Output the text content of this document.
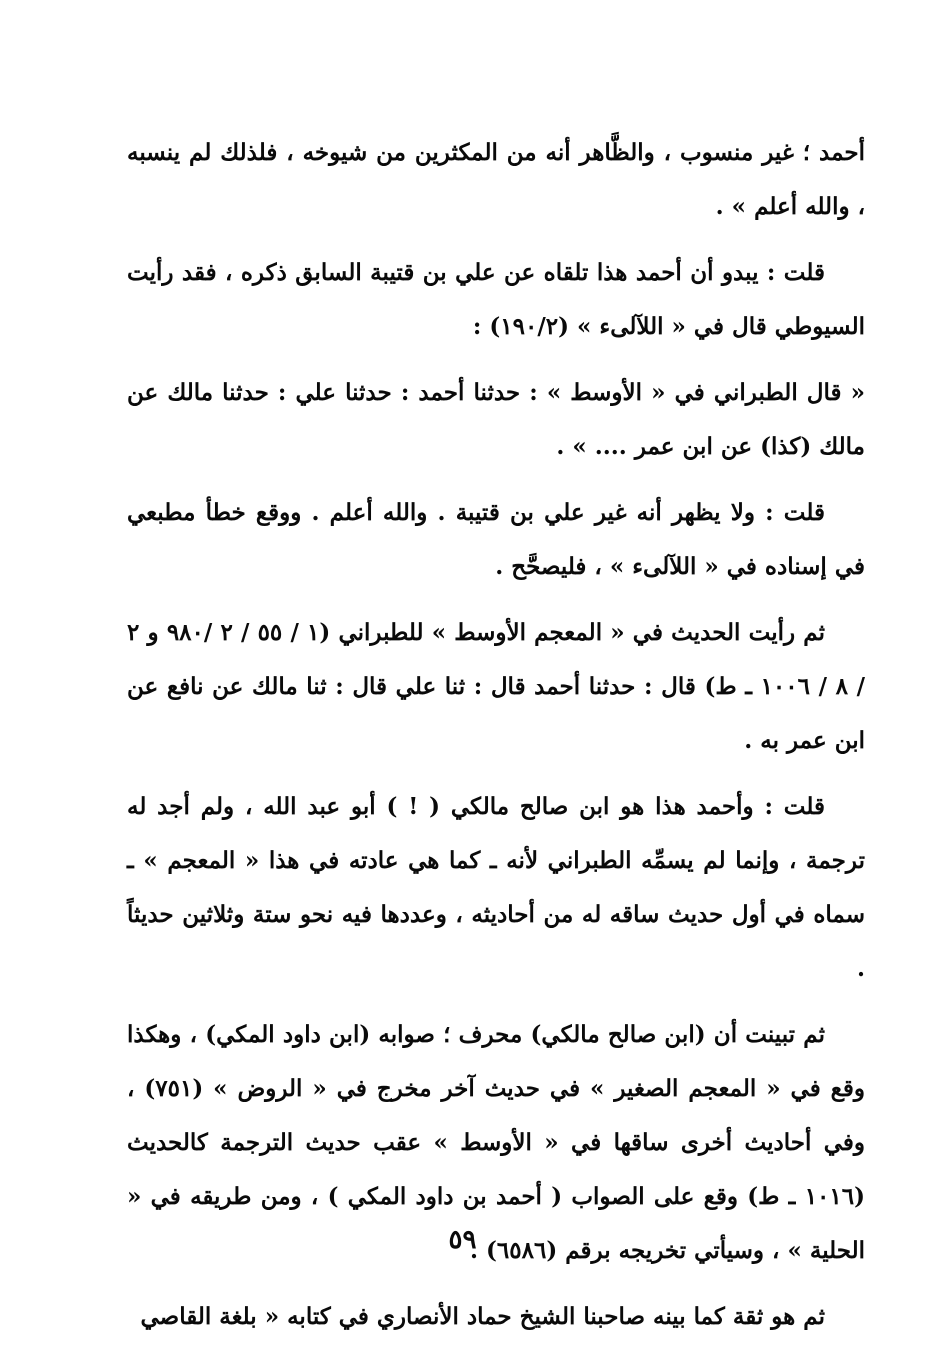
أحمد ؛ غير منسوب ، والظَّاهر أنه من المكثرين من شيوخه ، فلذلك لم ينسبه ، والله أعلم » .

قلت : يبدو أن أحمد هذا تلقاه عن علي بن قتيبة السابق ذكره ، فقد رأيت السيوطي قال في « اللآلىء » (١٩٠/٢) :

« قال الطبراني في « الأوسط » : حدثنا أحمد : حدثنا علي : حدثنا مالك عن مالك (كذا) عن ابن عمر .... » .

قلت : ولا يظهر أنه غير علي بن قتيبة . والله أعلم . ووقع خطأ مطبعي في إسناده في « اللآلىء » ، فليصحَّح .

ثم رأيت الحديث في « المعجم الأوسط » للطبراني (١ / ٥٥ / ٢ /٩٨٠ و ٢ / ٨ / ١٠٠٦ ـ ط) قال : حدثنا أحمد قال : ثنا علي قال : ثنا مالك عن نافع عن ابن عمر به .

قلت : وأحمد هذا هو ابن صالح مالكي ( ! ) أبو عبد الله ، ولم أجد له ترجمة ، وإنما لم يسمِّه الطبراني لأنه ـ كما هي عادته في هذا « المعجم » ـ سماه في أول حديث ساقه له من أحاديثه ، وعددها فيه نحو ستة وثلاثين حديثاً .

ثم تبينت أن (ابن صالح مالكي) محرف ؛ صوابه (ابن داود المكي) ، وهكذا وقع في « المعجم الصغير » في حديث آخر مخرج في « الروض » (٧٥١) ، وفي أحاديث أخرى ساقها في « الأوسط » عقب حديث الترجمة كالحديث (١٠١٦ ـ ط) وقع على الصواب ( أحمد بن داود المكي ) ، ومن طريقه في « الحلية » ، وسيأتي تخريجه برقم (٦٥٨٦) .

ثم هو ثقة كما بينه صاحبنا الشيخ حماد الأنصاري في كتابه « بلغة القاصي

٥٩
